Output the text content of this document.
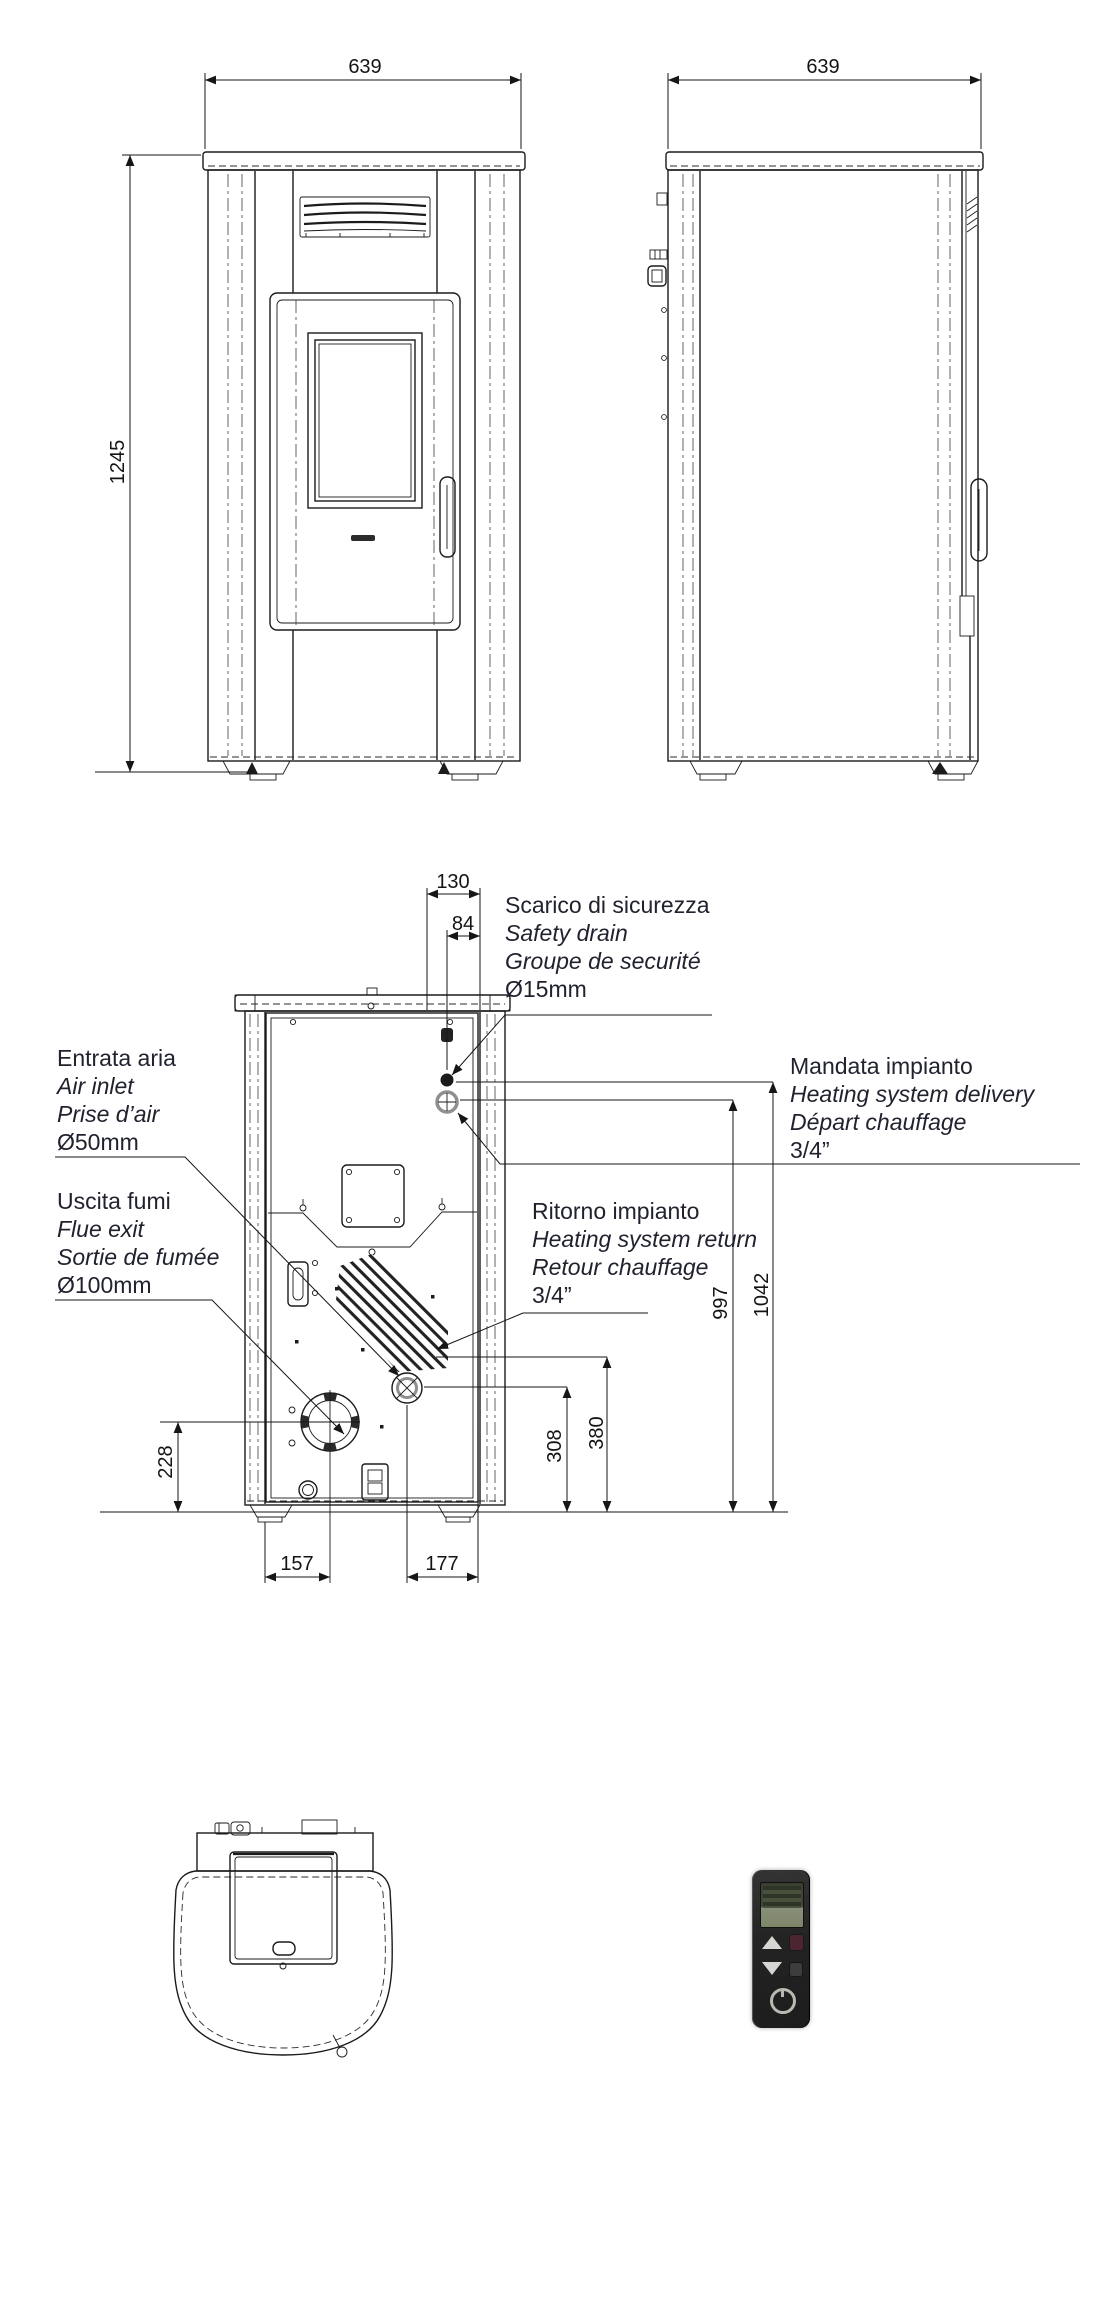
639	639
1245
130
84
997 1042
380
308
228
157	177
Scarico di sicurezza
Safety drain
Groupe de securité
Ø15mm
Entrata aria
Air inlet
Prise d’air
Ø50mm
Uscita fumi
Flue exit
Sortie de fumée
Ø100mm
Mandata impianto
Heating system delivery
Départ chauffage
3/4”
Ritorno impianto
Heating system return
Retour chauffage
3/4”
